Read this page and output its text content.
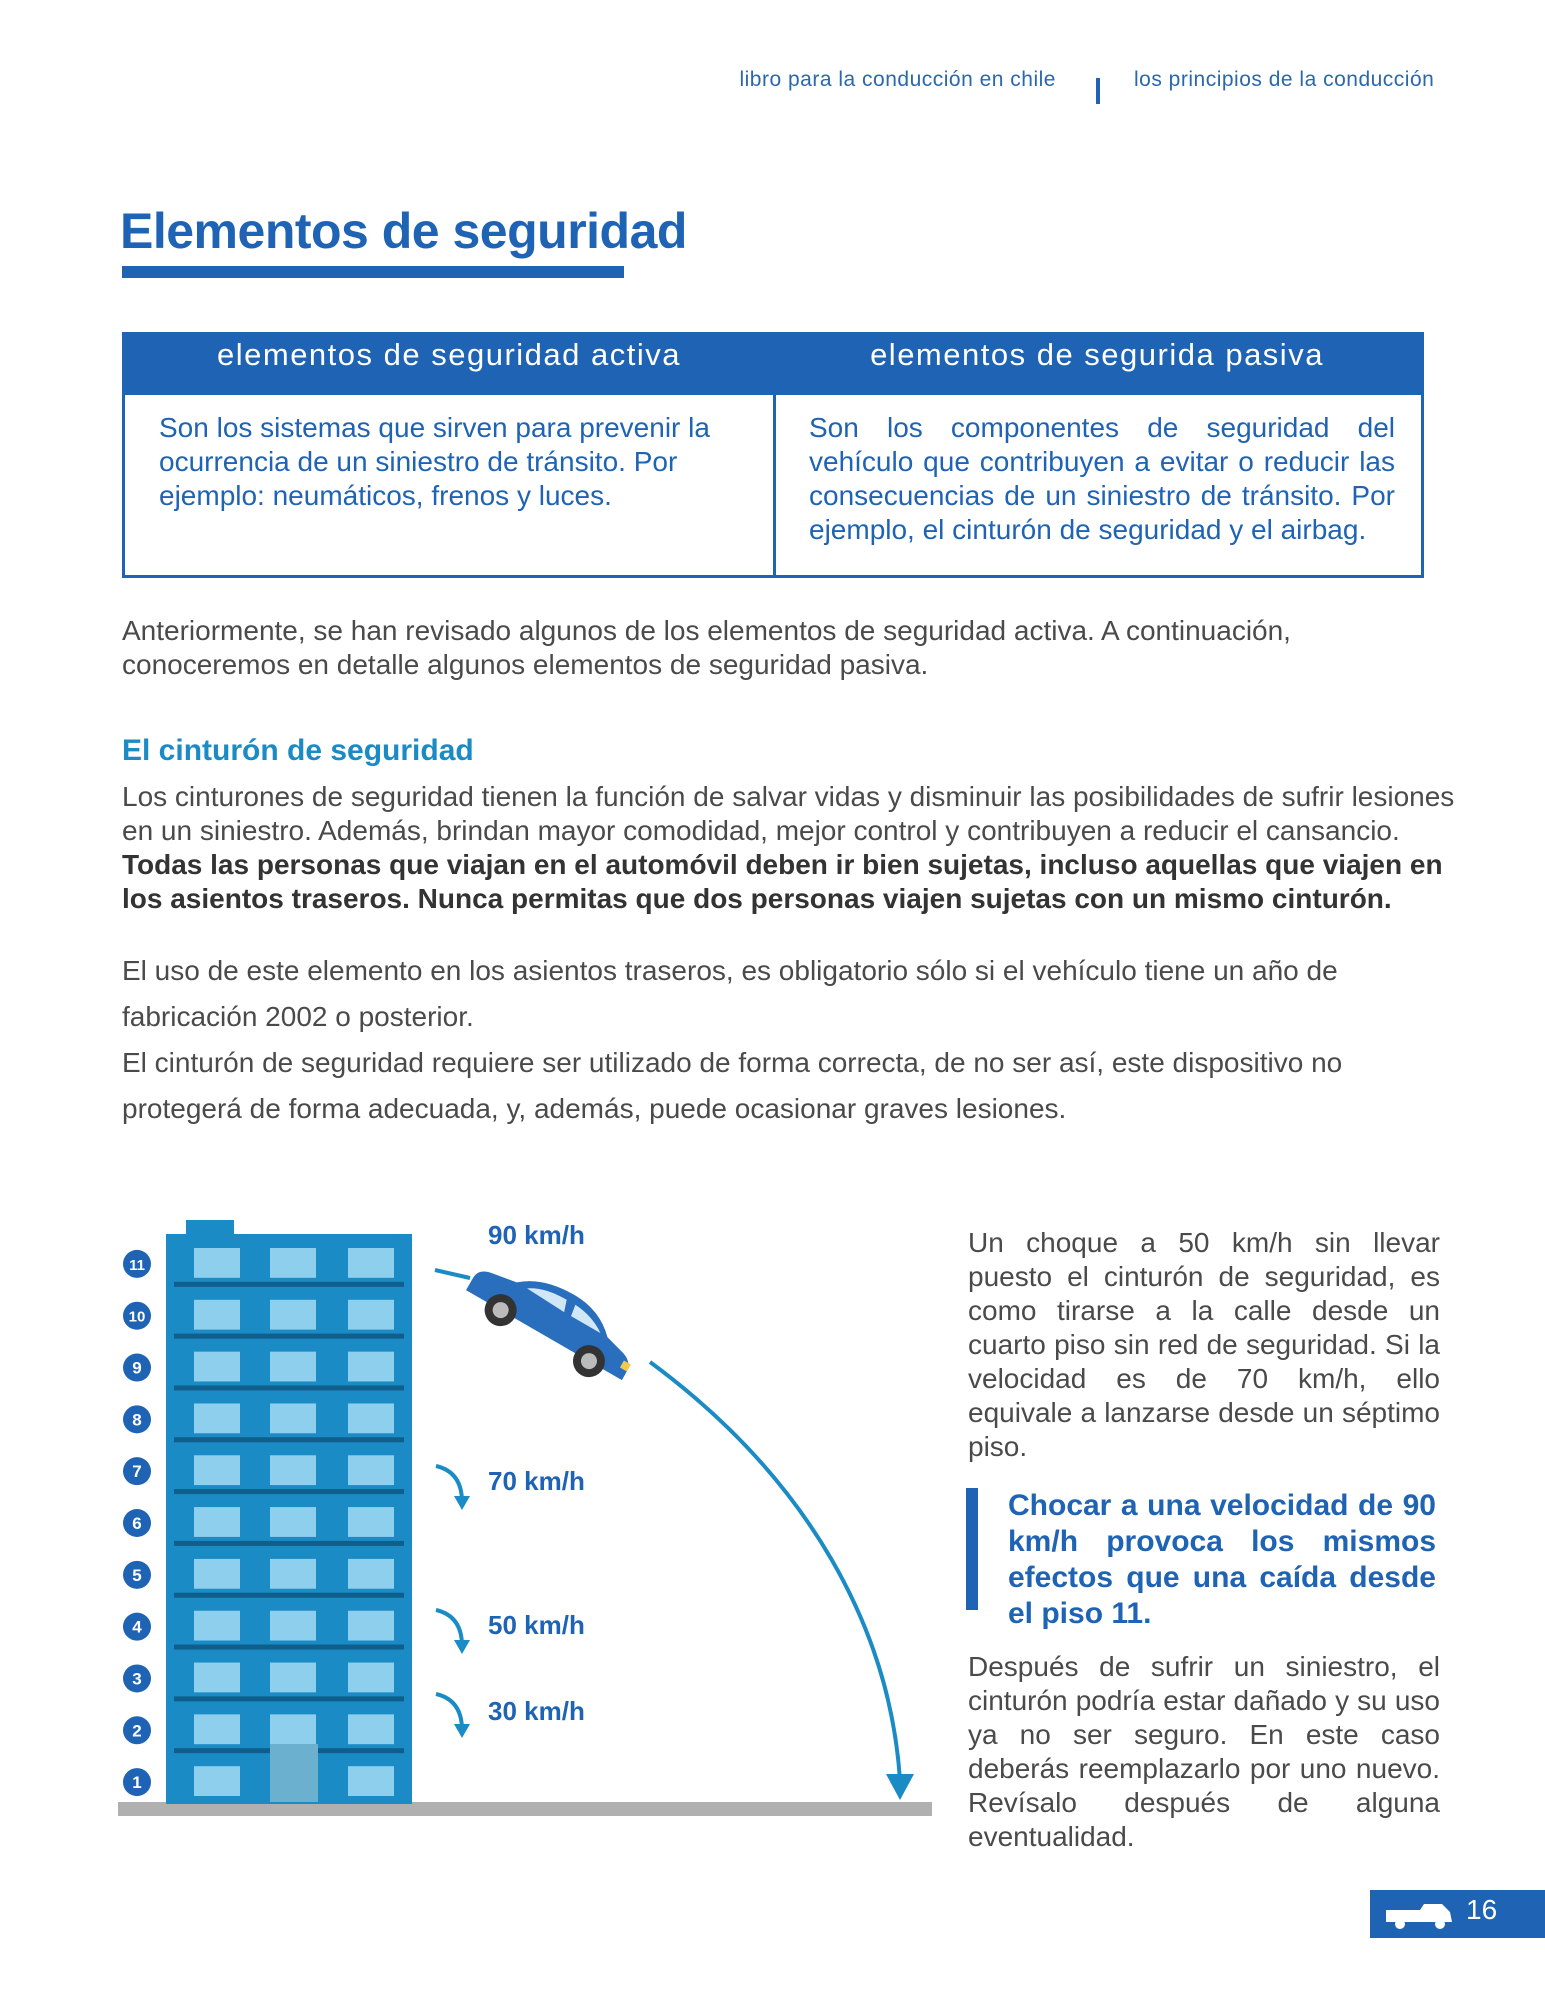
libro para la conducción en chile	los principios de la conducción
Elementos de seguridad
elementos de seguridad activa	elementos de segurida pasiva
Son los sistemas que sirven para prevenir la ocurrencia de un siniestro de tránsito. Por ejemplo: neumáticos, frenos y luces.
Son los componentes de seguridad del vehículo que contribuyen a evitar o reducir las consecuencias de un siniestro de tránsito. Por ejemplo, el cinturón de seguridad y el airbag.
Anteriormente, se han revisado algunos de los elementos de seguridad activa. A continuación, conoceremos en detalle algunos elementos de seguridad pasiva.
El cinturón de seguridad
Los cinturones de seguridad tienen la función de salvar vidas y disminuir las posibilidades de sufrir lesiones en un siniestro. Además, brindan mayor comodidad, mejor control y contribuyen a reducir el cansancio. Todas las personas que viajan en el automóvil deben ir bien sujetas, incluso aquellas que viajen en los asientos traseros. Nunca permitas que dos personas viajen sujetas con un mismo cinturón.
El uso de este elemento en los asientos traseros, es obligatorio sólo si el vehículo tiene un año de fabricación 2002 o posterior.
El cinturón de seguridad requiere ser utilizado de forma correcta, de no ser así, este dispositivo no protegerá de forma adecuada, y, además, puede ocasionar graves lesiones.
1
2
3
4
5
6
7
8
9
10
11
90 km/h
70 km/h
50 km/h
30 km/h
Un choque a 50 km/h sin llevar puesto el cinturón de seguridad, es como tirarse a la calle desde un cuarto piso sin red de seguridad. Si la velocidad es de 70 km/h, ello equivale a lanzarse desde un séptimo piso.
Chocar a una velocidad de 90 km/h provoca los mismos efectos que una caída desde el piso 11.
Después de sufrir un siniestro, el cinturón podría estar dañado y su uso ya no ser seguro. En este caso deberás reemplazarlo por uno nuevo. Revísalo después de alguna eventualidad.
16
